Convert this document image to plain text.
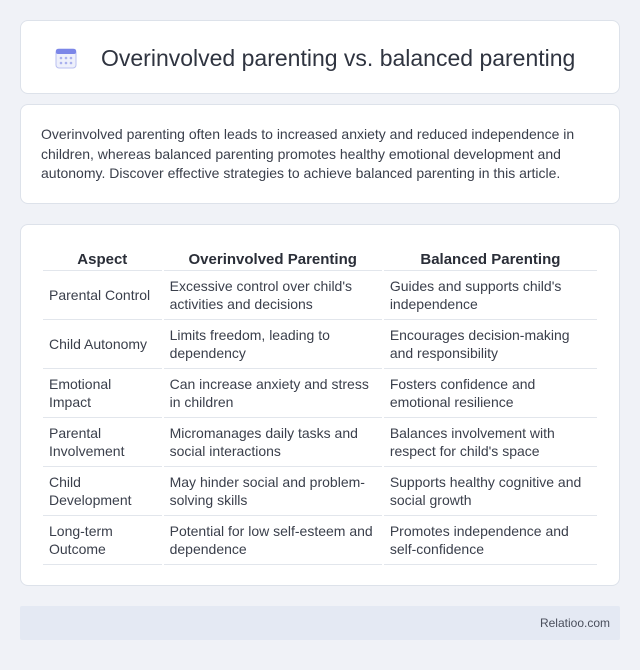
Overinvolved parenting vs. balanced parenting

Overinvolved parenting often leads to increased anxiety and reduced independence in children, whereas balanced parenting promotes healthy emotional development and autonomy. Discover effective strategies to achieve balanced parenting in this article.

Aspect	Overinvolved Parenting	Balanced Parenting
Parental Control	Excessive control over child's activities and decisions	Guides and supports child's independence
Child Autonomy	Limits freedom, leading to dependency	Encourages decision-making and responsibility
Emotional Impact	Can increase anxiety and stress in children	Fosters confidence and emotional resilience
Parental Involvement	Micromanages daily tasks and social interactions	Balances involvement with respect for child's space
Child Development	May hinder social and problem-solving skills	Supports healthy cognitive and social growth
Long-term Outcome	Potential for low self-esteem and dependence	Promotes independence and self-confidence
Relatioo.com
